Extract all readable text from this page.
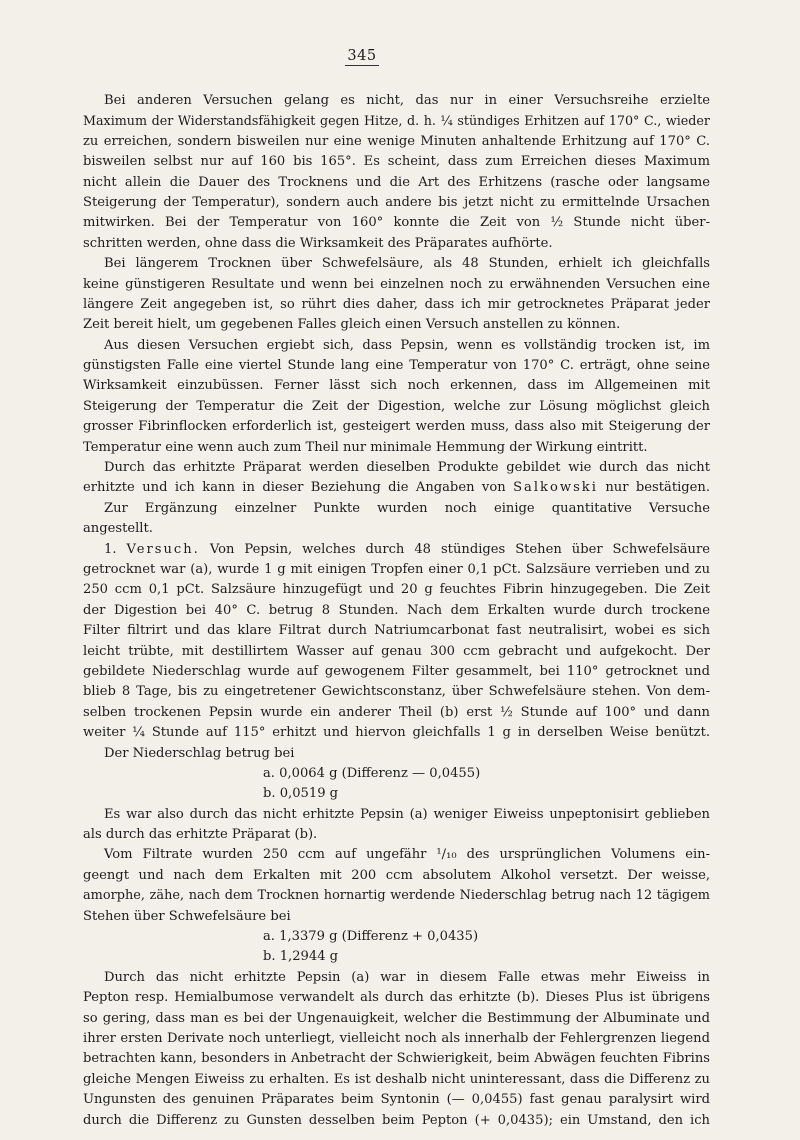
345
Bei anderen Versuchen gelang es nicht, das nur in einer Versuchsreihe erzielte
Maximum der Widerstandsfähigkeit gegen Hitze, d. h. ¼ stündiges Erhitzen auf 170° C., wieder
zu erreichen, sondern bisweilen nur eine wenige Minuten anhaltende Erhitzung auf 170° C.
bisweilen selbst nur auf 160 bis 165°. Es scheint, dass zum Erreichen dieses Maximum
nicht allein die Dauer des Trocknens und die Art des Erhitzens (rasche oder langsame
Steigerung der Temperatur), sondern auch andere bis jetzt nicht zu ermittelnde Ursachen
mitwirken. Bei der Temperatur von 160° konnte die Zeit von ½ Stunde nicht über-
schritten werden, ohne dass die Wirksamkeit des Präparates aufhörte.
Bei längerem Trocknen über Schwefelsäure, als 48 Stunden, erhielt ich gleichfalls
keine günstigeren Resultate und wenn bei einzelnen noch zu erwähnenden Versuchen eine
längere Zeit angegeben ist, so rührt dies daher, dass ich mir getrocknetes Präparat jeder
Zeit bereit hielt, um gegebenen Falles gleich einen Versuch anstellen zu können.
Aus diesen Versuchen ergiebt sich, dass Pepsin, wenn es vollständig trocken ist, im
günstigsten Falle eine viertel Stunde lang eine Temperatur von 170° C. erträgt, ohne seine
Wirksamkeit einzubüssen. Ferner lässt sich noch erkennen, dass im Allgemeinen mit
Steigerung der Temperatur die Zeit der Digestion, welche zur Lösung möglichst gleich
grosser Fibrinflocken erforderlich ist, gesteigert werden muss, dass also mit Steigerung der
Temperatur eine wenn auch zum Theil nur minimale Hemmung der Wirkung eintritt.
Durch das erhitzte Präparat werden dieselben Produkte gebildet wie durch das nicht
erhitzte und ich kann in dieser Beziehung die Angaben von Salkowski nur bestätigen.
Zur Ergänzung einzelner Punkte wurden noch einige quantitative Versuche
angestellt.
1. Versuch. Von Pepsin, welches durch 48 stündiges Stehen über Schwefelsäure
getrocknet war (a), wurde 1 g mit einigen Tropfen einer 0,1 pCt. Salzsäure verrieben und zu
250 ccm 0,1 pCt. Salzsäure hinzugefügt und 20 g feuchtes Fibrin hinzugegeben. Die Zeit
der Digestion bei 40° C. betrug 8 Stunden. Nach dem Erkalten wurde durch trockene
Filter filtrirt und das klare Filtrat durch Natriumcarbonat fast neutralisirt, wobei es sich
leicht trübte, mit destillirtem Wasser auf genau 300 ccm gebracht und aufgekocht. Der
gebildete Niederschlag wurde auf gewogenem Filter gesammelt, bei 110° getrocknet und
blieb 8 Tage, bis zu eingetretener Gewichtsconstanz, über Schwefelsäure stehen. Von dem-
selben trockenen Pepsin wurde ein anderer Theil (b) erst ½ Stunde auf 100° und dann
weiter ¼ Stunde auf 115° erhitzt und hiervon gleichfalls 1 g in derselben Weise benützt.
Der Niederschlag betrug bei
a. 0,0064 g (Differenz — 0,0455)
b. 0,0519 g
Es war also durch das nicht erhitzte Pepsin (a) weniger Eiweiss unpeptonisirt geblieben
als durch das erhitzte Präparat (b).
Vom Filtrate wurden 250 ccm auf ungefähr ¹/₁₀ des ursprünglichen Volumens ein-
geengt und nach dem Erkalten mit 200 ccm absolutem Alkohol versetzt. Der weisse,
amorphe, zähe, nach dem Trocknen hornartig werdende Niederschlag betrug nach 12 tägigem
Stehen über Schwefelsäure bei
a. 1,3379 g (Differenz + 0,0435)
b. 1,2944 g
Durch das nicht erhitzte Pepsin (a) war in diesem Falle etwas mehr Eiweiss in
Pepton resp. Hemialbumose verwandelt als durch das erhitzte (b). Dieses Plus ist übrigens
so gering, dass man es bei der Ungenauigkeit, welcher die Bestimmung der Albuminate und
ihrer ersten Derivate noch unterliegt, vielleicht noch als innerhalb der Fehlergrenzen liegend
betrachten kann, besonders in Anbetracht der Schwierigkeit, beim Abwägen feuchten Fibrins
gleiche Mengen Eiweiss zu erhalten. Es ist deshalb nicht uninteressant, dass die Differenz zu
Ungunsten des genuinen Präparates beim Syntonin (— 0,0455) fast genau paralysirt wird
durch die Differenz zu Gunsten desselben beim Pepton (+ 0,0435); ein Umstand, den ich
